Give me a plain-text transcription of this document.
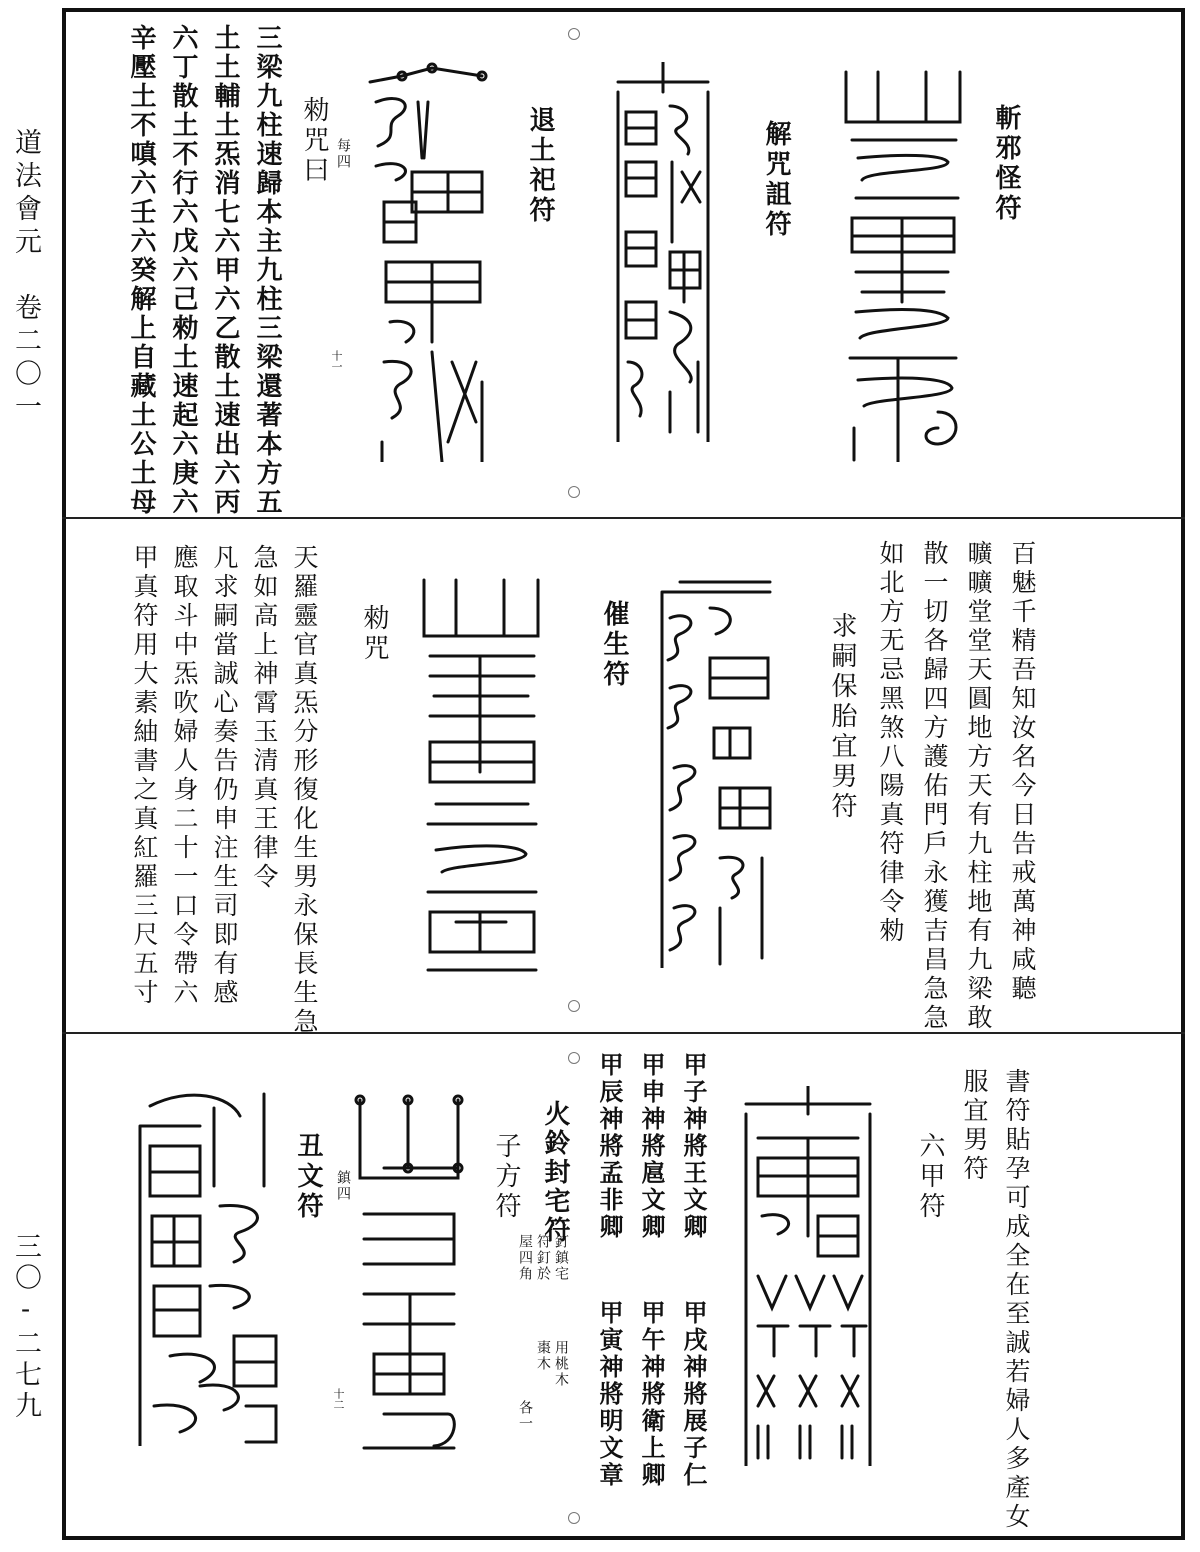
道法會元　卷二〇一
三〇‐二七九
斬邪怪符
解咒詛符
退土祀符
每四
勑咒曰
十一
三梁九柱速歸本主九柱三梁還著本方五
土土輔土炁消七六甲六乙散土速出六丙
六丁散土不行六戊六己勑土速起六庚六
辛壓土不嗔六壬六癸解上自藏土公土母
百魅千精吾知汝名今日告戒萬神咸聽
曠曠堂堂天圓地方天有九柱地有九梁敢
散一切各歸四方護佑門戶永獲吉昌急急
如北方无忌黑煞八陽真符律令勑
求嗣保胎宜男符
催生符
勑咒
天羅靈官真炁分形復化生男永保長生急
急如高上神霄玉清真王律令
凡求嗣當誠心奏告仍申注生司即有感
應取斗中炁吹婦人身二十一口令帶六
甲真符用大素紬書之真紅羅三尺五寸
書符貼孕可成全在至誠若婦人多產女
服宜男符
六甲符
甲子神將王文卿
甲戌神將展子仁
甲申神將扈文卿
甲午神將衛上卿
甲辰神將孟非卿
甲寅神將明文章
火鈴封宅符
釘鎮宅
符釘於
屋四角
用桃木
棗木
各一
子方符
鎮四
十二
丑文符
